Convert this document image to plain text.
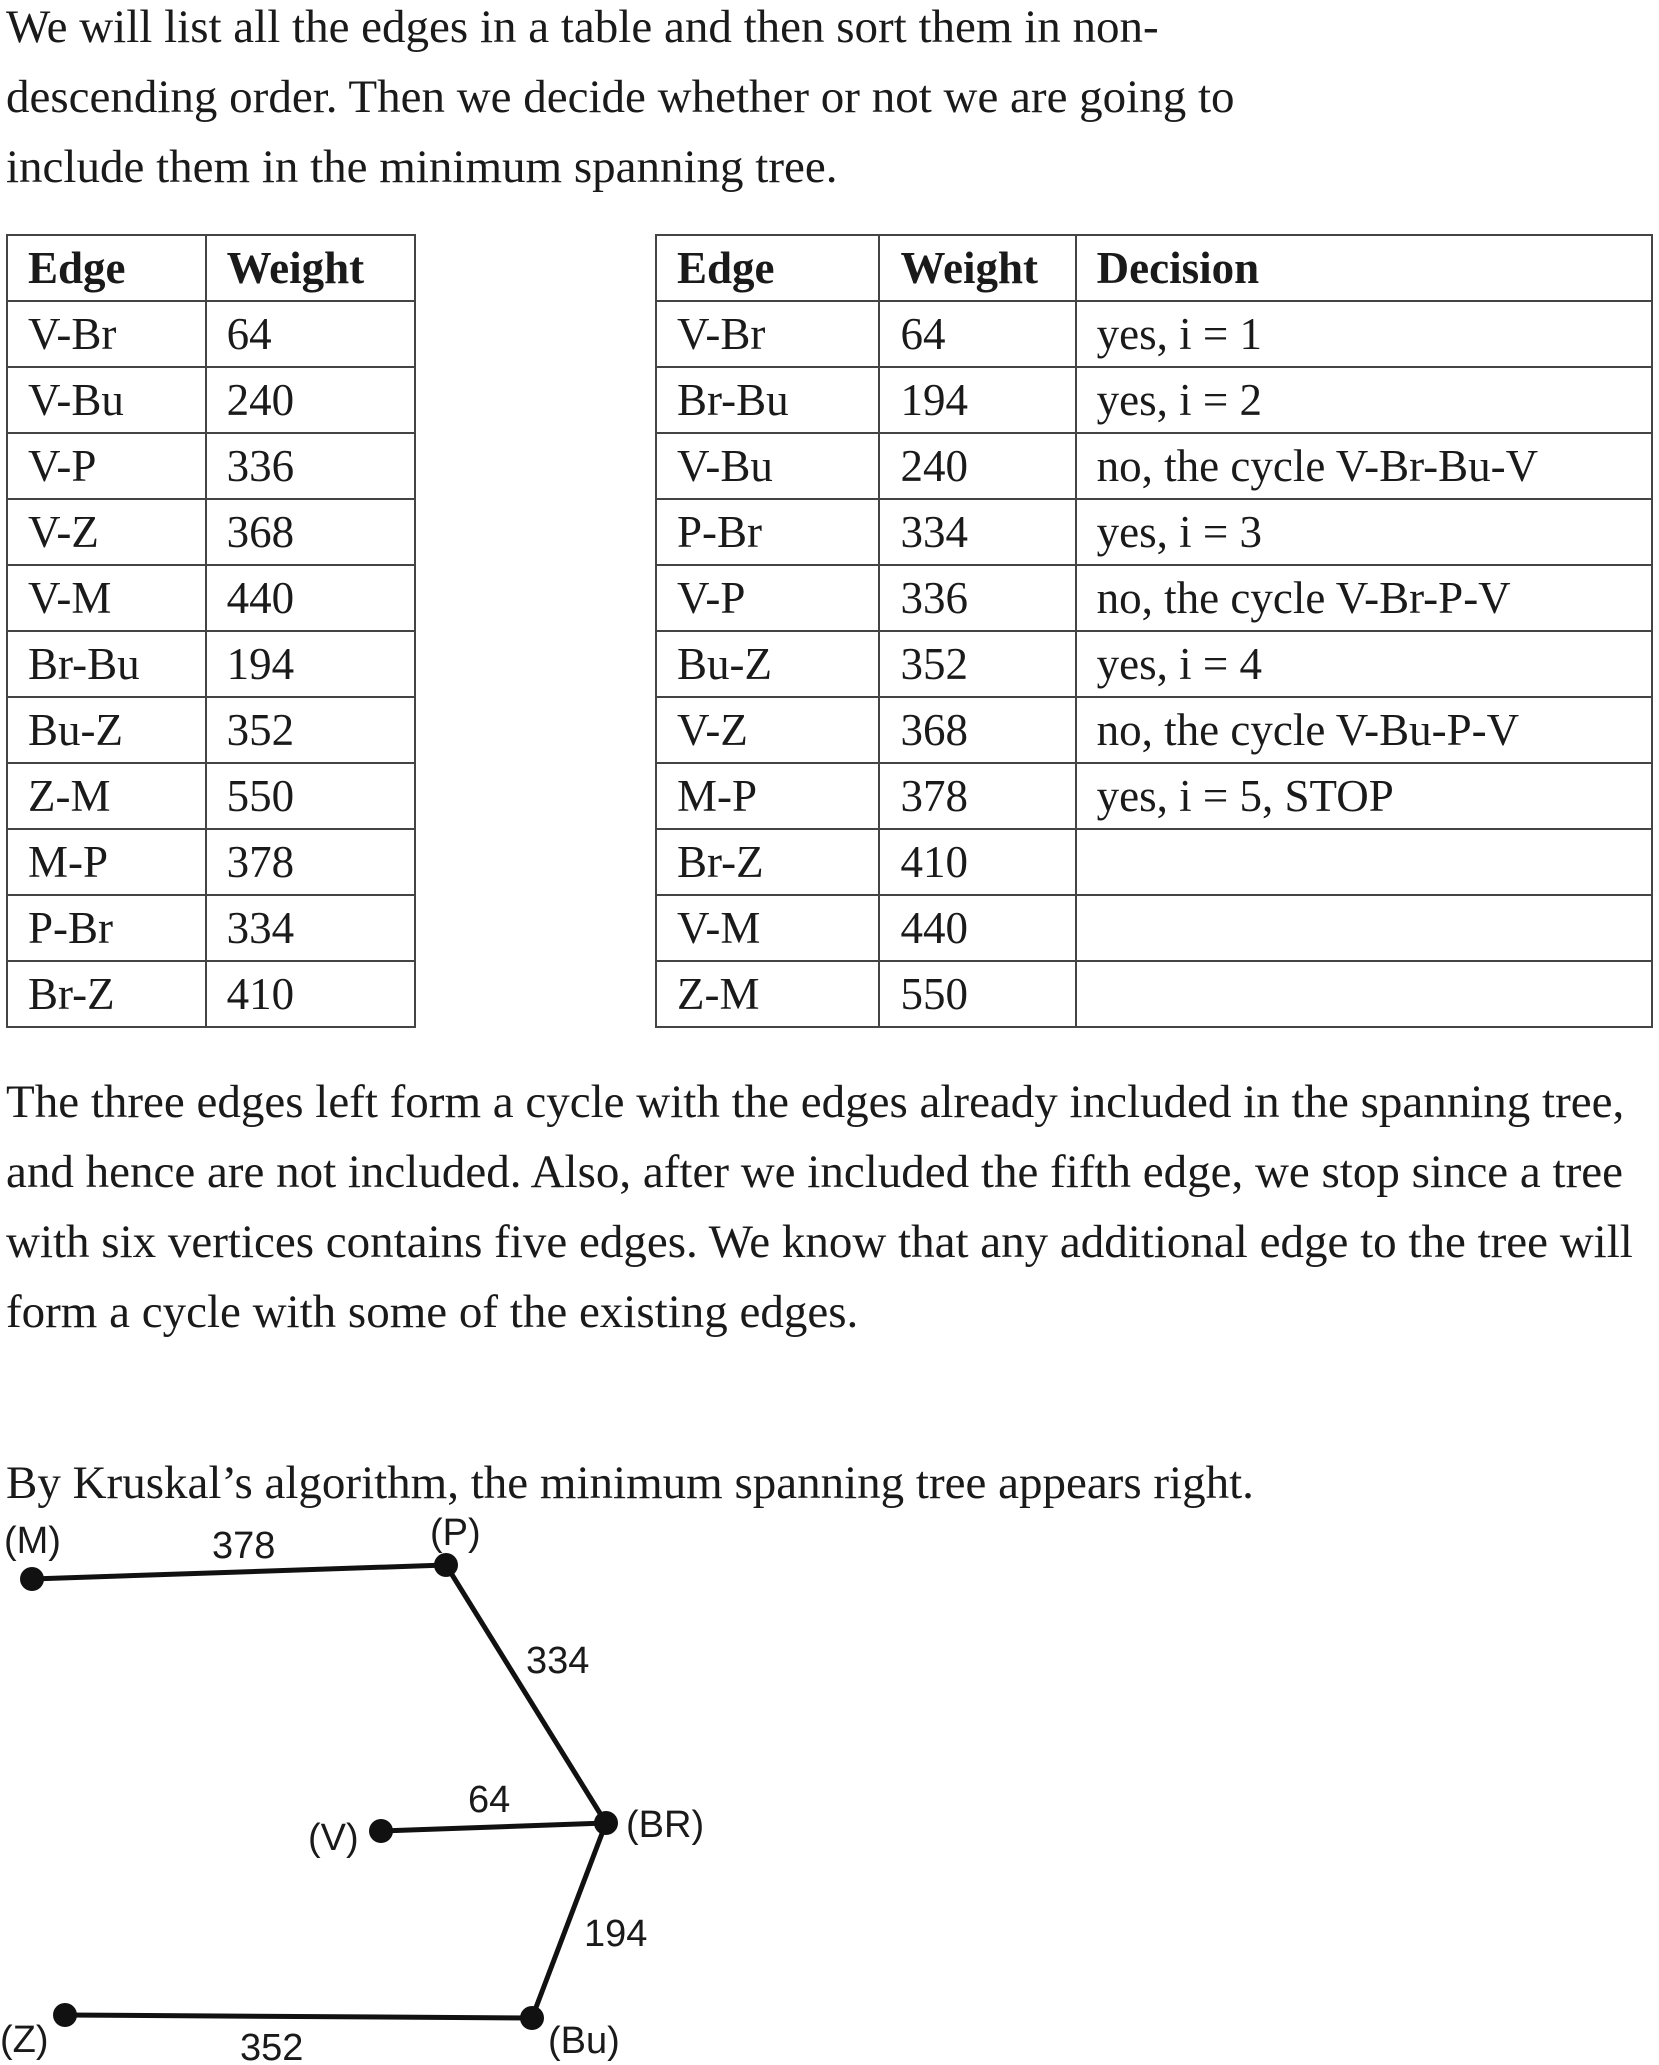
We will list all the edges in a table and then sort them in non-descending order. Then we decide whether or not we are going to include them in the minimum spanning tree.

Edge	Weight
V-Br	64
V-Bu	240
V-P	336
V-Z	368
V-M	440
Br-Bu	194
Bu-Z	352
Z-M	550
M-P	378
P-Br	334
Br-Z	410
Edge	Weight	Decision
V-Br	64	yes, i = 1
Br-Bu	194	yes, i = 2
V-Bu	240	no, the cycle V-Br-Bu-V
P-Br	334	yes, i = 3
V-P	336	no, the cycle V-Br-P-V
Bu-Z	352	yes, i = 4
V-Z	368	no, the cycle V-Bu-P-V
M-P	378	yes, i = 5, STOP
Br-Z	410	
V-M	440	
Z-M	550	

The three edges left form a cycle with the edges already included in the spanning tree, and hence are not included. Also, after we included the fifth edge, we stop since a tree with six vertices contains five edges. We know that any additional edge to the tree will form a cycle with some of the existing edges.

By Kruskal’s algorithm, the minimum spanning tree appears right.

378
334
64
194
352
(M)	(P)
(V)	(BR)
(Z)	(Bu)
